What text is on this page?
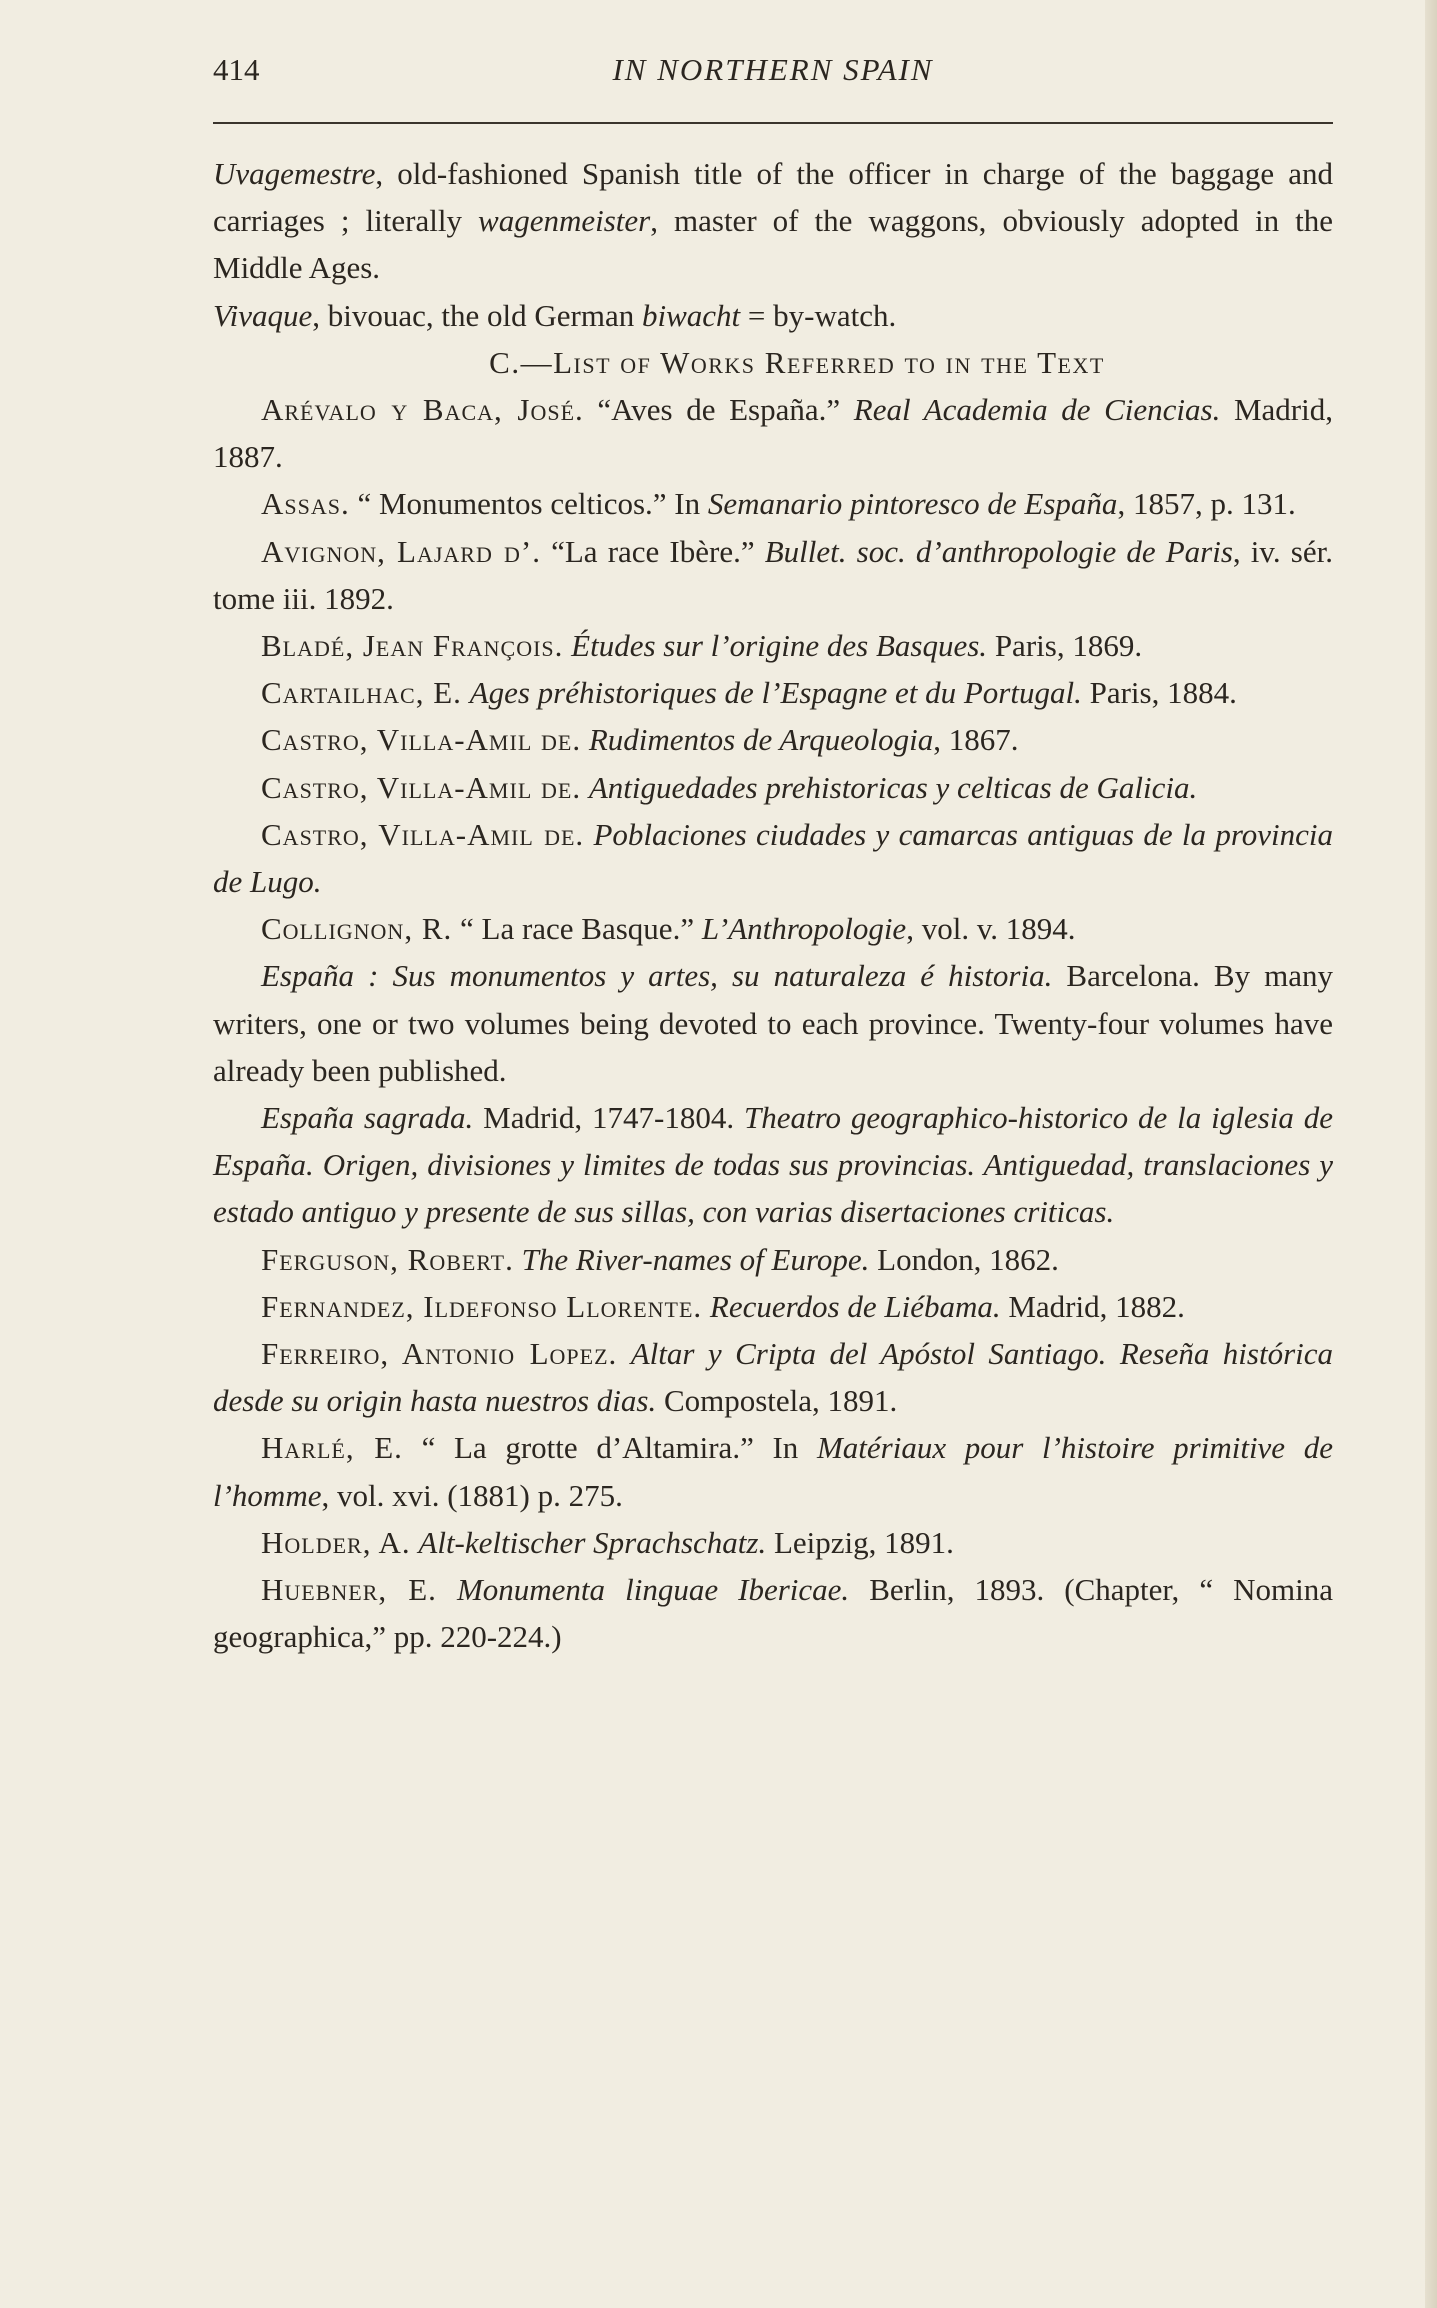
414	IN NORTHERN SPAIN

Uvagemestre, old-fashioned Spanish title of the officer in charge of the baggage and carriages ; literally wagenmeister, master of the waggons, obviously adopted in the Middle Ages.

Vivaque, bivouac, the old German biwacht = by-watch.

C.—List of Works Referred to in the Text

Arévalo y Baca, José. “Aves de España.” Real Academia de Ciencias. Madrid, 1887.

Assas. “ Monumentos celticos.” In Semanario pintoresco de España, 1857, p. 131.

Avignon, Lajard d’. “La race Ibère.” Bullet. soc. d’anthropologie de Paris, iv. sér. tome iii. 1892.

Bladé, Jean François. Études sur l’origine des Basques. Paris, 1869.

Cartailhac, E. Ages préhistoriques de l’Espagne et du Portugal. Paris, 1884.

Castro, Villa-Amil de. Rudimentos de Arqueologia, 1867.

Castro, Villa-Amil de. Antiguedades prehistoricas y celticas de Galicia.

Castro, Villa-Amil de. Poblaciones ciudades y camarcas antiguas de la provincia de Lugo.

Collignon, R. “ La race Basque.” L’Anthropologie, vol. v. 1894.

España : Sus monumentos y artes, su naturaleza é historia. Barcelona. By many writers, one or two volumes being devoted to each province. Twenty-four volumes have already been published.

España sagrada. Madrid, 1747-1804. Theatro geographico-historico de la iglesia de España. Origen, divisiones y limites de todas sus provincias. Antiguedad, translaciones y estado antiguo y presente de sus sillas, con varias disertaciones criticas.

Ferguson, Robert. The River-names of Europe. London, 1862.

Fernandez, Ildefonso Llorente. Recuerdos de Liébama. Madrid, 1882.

Ferreiro, Antonio Lopez. Altar y Cripta del Apóstol Santiago. Reseña histórica desde su origin hasta nuestros dias. Compostela, 1891.

Harlé, E. “ La grotte d’Altamira.” In Matériaux pour l’histoire primitive de l’homme, vol. xvi. (1881) p. 275.

Holder, A. Alt-keltischer Sprachschatz. Leipzig, 1891.

Huebner, E. Monumenta linguae Ibericae. Berlin, 1893. (Chapter, “ Nomina geographica,” pp. 220-224.)
